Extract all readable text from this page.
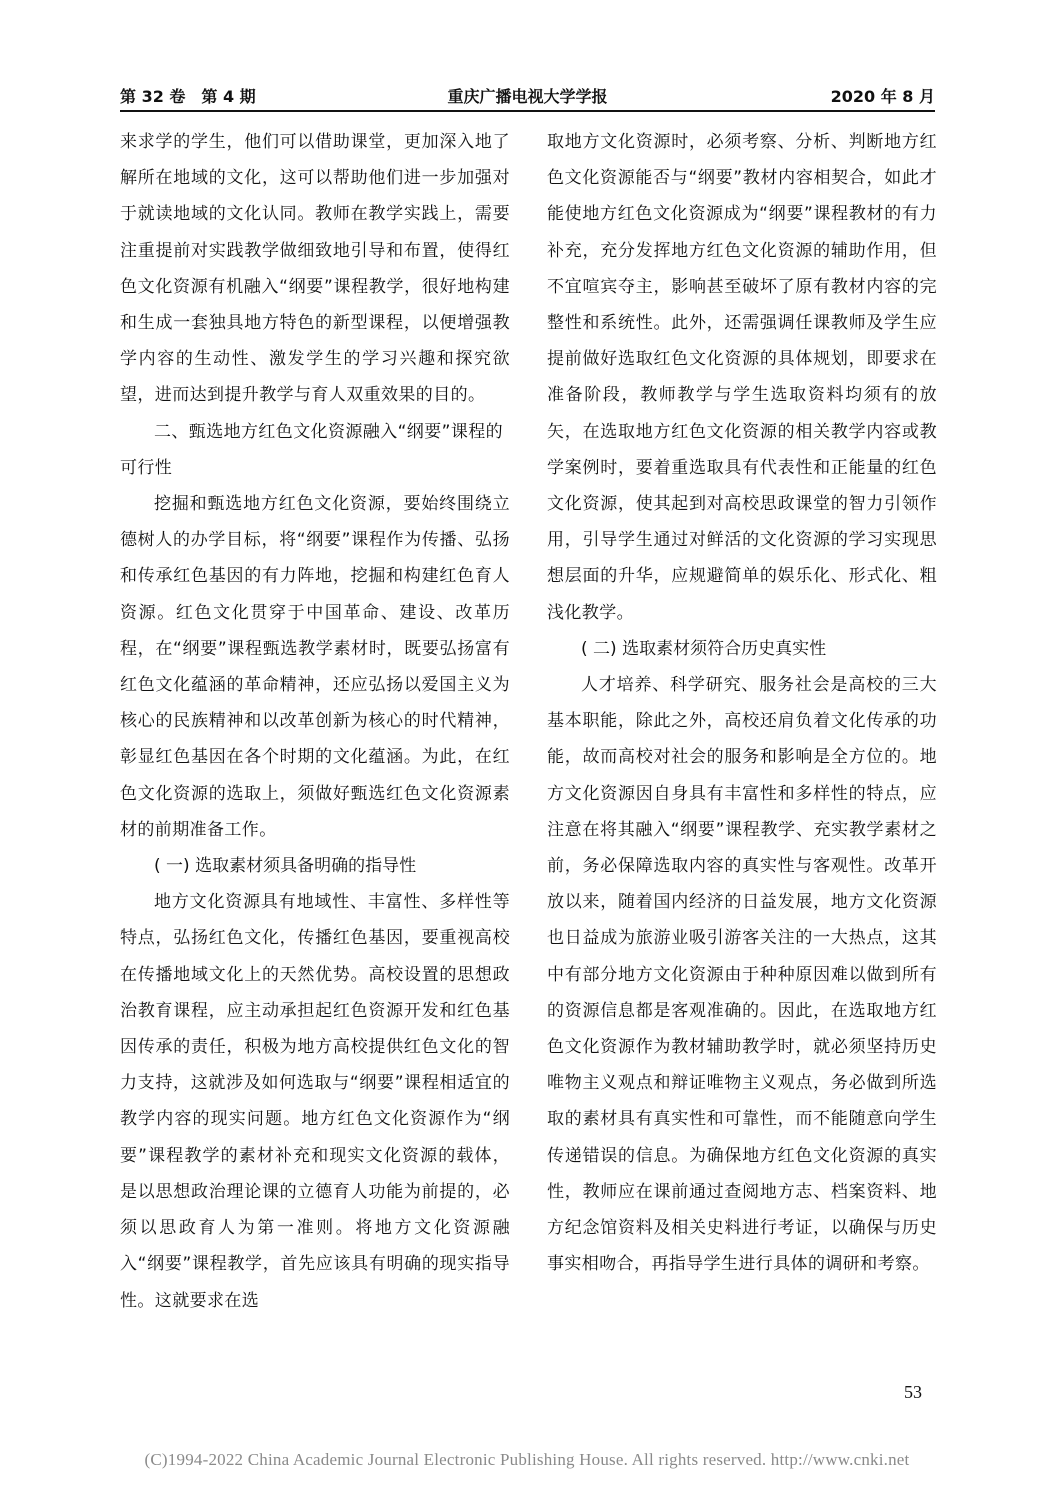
第 32 卷　第 4 期	重庆广播电视大学学报	2020 年 8 月

来求学的学生，他们可以借助课堂，更加深入地了解所在地域的文化，这可以帮助他们进一步加强对于就读地域的文化认同。教师在教学实践上，需要注重提前对实践教学做细致地引导和布置，使得红色文化资源有机融入“纲要”课程教学，很好地构建和生成一套独具地方特色的新型课程，以便增强教学内容的生动性、激发学生的学习兴趣和探究欲望，进而达到提升教学与育人双重效果的目的。

二、甄选地方红色文化资源融入“纲要”课程的可行性

挖掘和甄选地方红色文化资源，要始终围绕立德树人的办学目标，将“纲要”课程作为传播、弘扬和传承红色基因的有力阵地，挖掘和构建红色育人资源。红色文化贯穿于中国革命、建设、改革历程，在“纲要”课程甄选教学素材时，既要弘扬富有红色文化蕴涵的革命精神，还应弘扬以爱国主义为核心的民族精神和以改革创新为核心的时代精神，彰显红色基因在各个时期的文化蕴涵。为此，在红色文化资源的选取上，须做好甄选红色文化资源素材的前期准备工作。

( 一) 选取素材须具备明确的指导性

地方文化资源具有地域性、丰富性、多样性等特点，弘扬红色文化，传播红色基因，要重视高校在传播地域文化上的天然优势。高校设置的思想政治教育课程，应主动承担起红色资源开发和红色基因传承的责任，积极为地方高校提供红色文化的智力支持，这就涉及如何选取与“纲要”课程相适宜的教学内容的现实问题。地方红色文化资源作为“纲要”课程教学的素材补充和现实文化资源的载体，是以思想政治理论课的立德育人功能为前提的，必须以思政育人为第一准则。将地方文化资源融入“纲要”课程教学，首先应该具有明确的现实指导性。这就要求在选

取地方文化资源时，必须考察、分析、判断地方红色文化资源能否与“纲要”教材内容相契合，如此才能使地方红色文化资源成为“纲要”课程教材的有力补充，充分发挥地方红色文化资源的辅助作用，但不宜喧宾夺主，影响甚至破坏了原有教材内容的完整性和系统性。此外，还需强调任课教师及学生应提前做好选取红色文化资源的具体规划，即要求在准备阶段，教师教学与学生选取资料均须有的放矢，在选取地方红色文化资源的相关教学内容或教学案例时，要着重选取具有代表性和正能量的红色文化资源，使其起到对高校思政课堂的智力引领作用，引导学生通过对鲜活的文化资源的学习实现思想层面的升华，应规避简单的娱乐化、形式化、粗浅化教学。

( 二) 选取素材须符合历史真实性

人才培养、科学研究、服务社会是高校的三大基本职能，除此之外，高校还肩负着文化传承的功能，故而高校对社会的服务和影响是全方位的。地方文化资源因自身具有丰富性和多样性的特点，应注意在将其融入“纲要”课程教学、充实教学素材之前，务必保障选取内容的真实性与客观性。改革开放以来，随着国内经济的日益发展，地方文化资源也日益成为旅游业吸引游客关注的一大热点，这其中有部分地方文化资源由于种种原因难以做到所有的资源信息都是客观准确的。因此，在选取地方红色文化资源作为教材辅助教学时，就必须坚持历史唯物主义观点和辩证唯物主义观点，务必做到所选取的素材具有真实性和可靠性，而不能随意向学生传递错误的信息。为确保地方红色文化资源的真实性，教师应在课前通过查阅地方志、档案资料、地方纪念馆资料及相关史料进行考证，以确保与历史事实相吻合，再指导学生进行具体的调研和考察。

53
(C)1994-2022 China Academic Journal Electronic Publishing House. All rights reserved. http://www.cnki.net
